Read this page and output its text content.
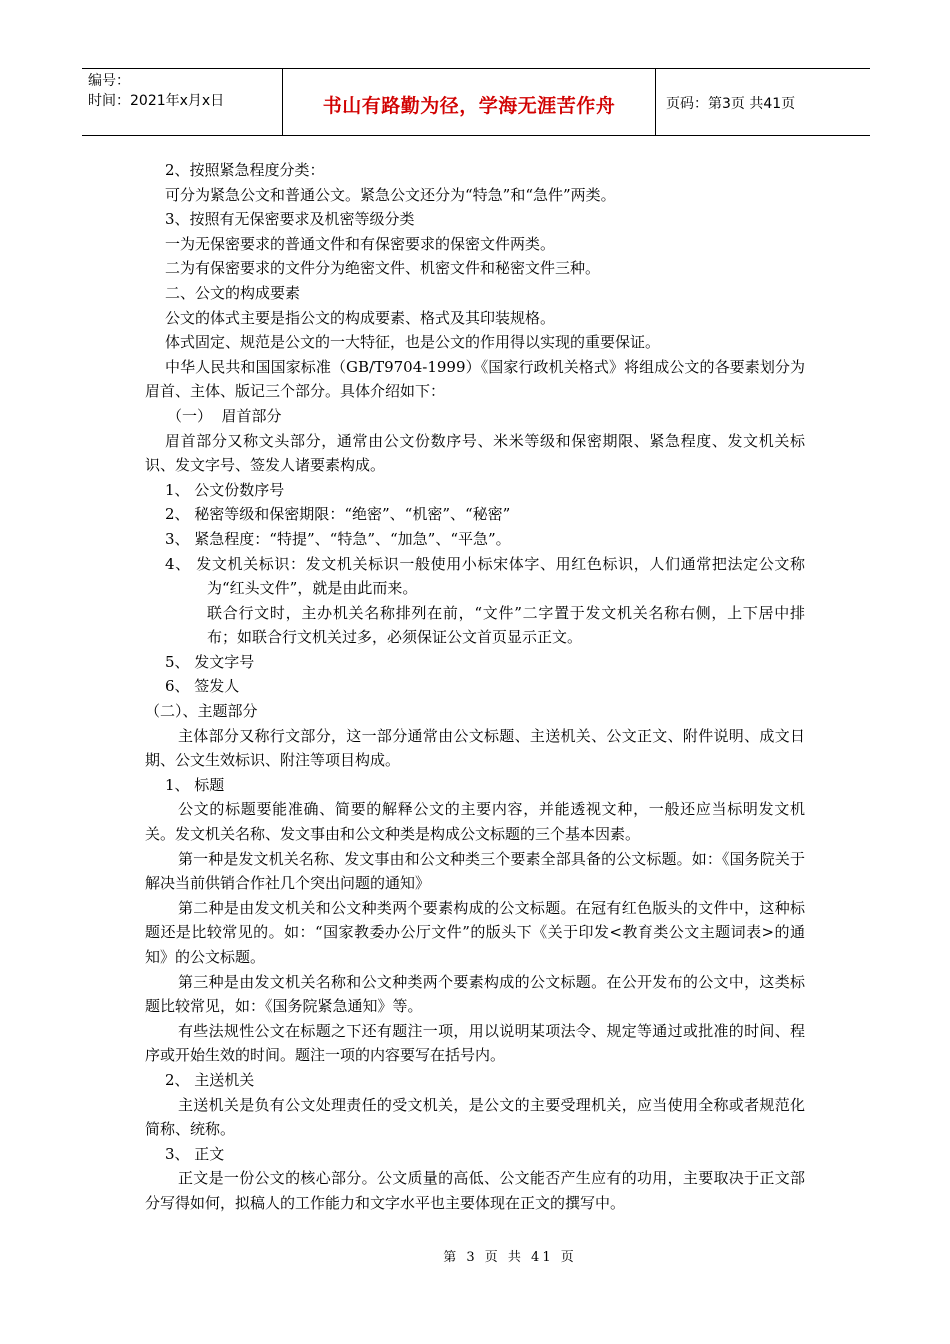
编号：
时间：2021年x月x日	书山有路勤为径，学海无涯苦作舟	页码：第3页 共41页

2、按照紧急程度分类：

可分为紧急公文和普通公文。紧急公文还分为“特急”和“急件”两类。

3、按照有无保密要求及机密等级分类

一为无保密要求的普通文件和有保密要求的保密文件两类。

二为有保密要求的文件分为绝密文件、机密文件和秘密文件三种。

二、公文的构成要素

公文的体式主要是指公文的构成要素、格式及其印装规格。

体式固定、规范是公文的一大特征，也是公文的作用得以实现的重要保证。

中华人民共和国国家标准（GB/T9704-1999）《国家行政机关格式》将组成公文的各要素划分为眉首、主体、版记三个部分。具体介绍如下：

（一）  眉首部分

眉首部分又称文头部分，通常由公文份数序号、米米等级和保密期限、紧急程度、发文机关标识、发文字号、签发人诸要素构成。

1、 公文份数序号

2、 秘密等级和保密期限：“绝密”、“机密”、“秘密”

3、 紧急程度：“特提”、“特急”、“加急”、“平急”。

4、 发文机关标识：发文机关标识一般使用小标宋体字、用红色标识，人们通常把法定公文称为“红头文件”，就是由此而来。

联合行文时，主办机关名称排列在前，“文件”二字置于发文机关名称右侧，上下居中排布；如联合行文机关过多，必须保证公文首页显示正文。

5、 发文字号

6、 签发人

（二）、主题部分

主体部分又称行文部分，这一部分通常由公文标题、主送机关、公文正文、附件说明、成文日期、公文生效标识、附注等项目构成。

1、 标题

公文的标题要能准确、简要的解释公文的主要内容，并能透视文种，一般还应当标明发文机关。发文机关名称、发文事由和公文种类是构成公文标题的三个基本因素。

第一种是发文机关名称、发文事由和公文种类三个要素全部具备的公文标题。如：《国务院关于解决当前供销合作社几个突出问题的通知》

第二种是由发文机关和公文种类两个要素构成的公文标题。在冠有红色版头的文件中，这种标题还是比较常见的。如：“国家教委办公厅文件”的版头下《关于印发<教育类公文主题词表>的通知》的公文标题。

第三种是由发文机关名称和公文种类两个要素构成的公文标题。在公开发布的公文中，这类标题比较常见，如：《国务院紧急通知》等。

有些法规性公文在标题之下还有题注一项，用以说明某项法令、规定等通过或批准的时间、程序或开始生效的时间。题注一项的内容要写在括号内。

2、 主送机关

主送机关是负有公文处理责任的受文机关，是公文的主要受理机关，应当使用全称或者规范化简称、统称。

3、 正文

正文是一份公文的核心部分。公文质量的高低、公文能否产生应有的功用，主要取决于正文部分写得如何，拟稿人的工作能力和文字水平也主要体现在正文的撰写中。

第 3 页 共 41 页
